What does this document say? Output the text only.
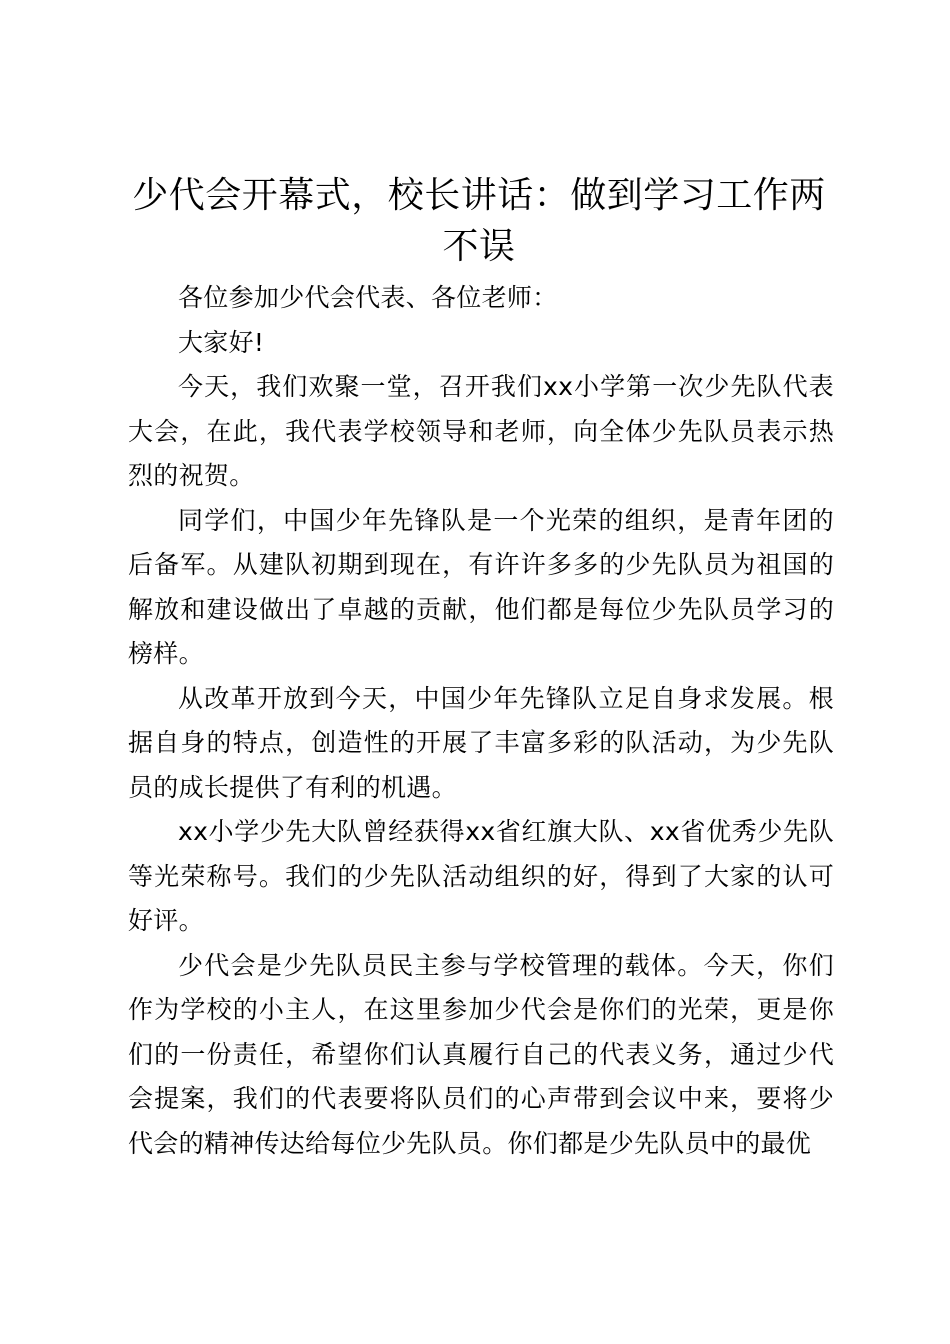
少代会开幕式，校长讲话：做到学习工作两不误

各位参加少代会代表、各位老师：

大家好!

今天，我们欢聚一堂，召开我们xx小学第一次少先队代表大会，在此，我代表学校领导和老师，向全体少先队员表示热烈的祝贺。

同学们，中国少年先锋队是一个光荣的组织，是青年团的后备军。从建队初期到现在，有许许多多的少先队员为祖国的解放和建设做出了卓越的贡献，他们都是每位少先队员学习的榜样。

从改革开放到今天，中国少年先锋队立足自身求发展。根据自身的特点，创造性的开展了丰富多彩的队活动，为少先队员的成长提供了有利的机遇。

xx小学少先大队曾经获得xx省红旗大队、xx省优秀少先队等光荣称号。我们的少先队活动组织的好，得到了大家的认可好评。

少代会是少先队员民主参与学校管理的载体。今天，你们作为学校的小主人，在这里参加少代会是你们的光荣，更是你们的一份责任，希望你们认真履行自己的代表义务，通过少代会提案，我们的代表要将队员们的心声带到会议中来，要将少代会的精神传达给每位少先队员。你们都是少先队员中的最优
